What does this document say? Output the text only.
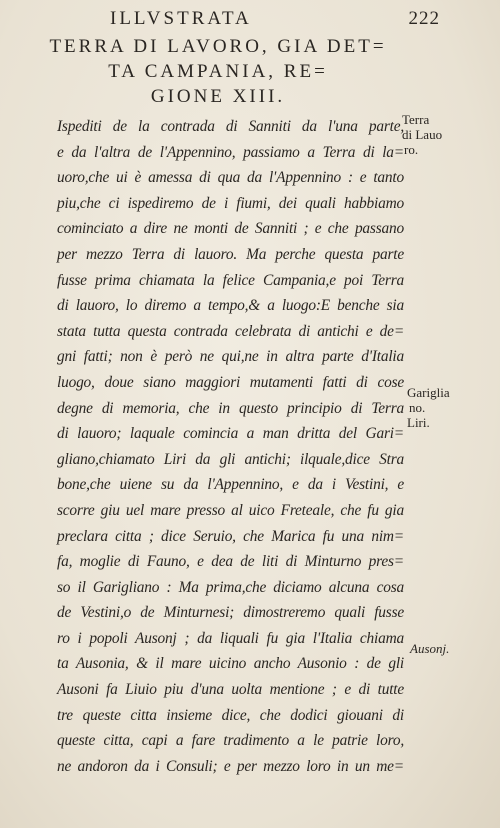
ILLVSTRATA	222
TERRA DI LAVORO, GIA DET=
TA CAMPANIA, RE=
GIONE XIII.
Ispediti de la contrada di Sanniti da l'una parte,
e da l'altra de l'Appennino, passiamo a Terra di la=
uoro,che ui è amessa di qua da l'Appennino : e tanto
piu,che ci ispediremo de i fiumi, dei quali habbiamo
cominciato a dire ne monti de Sanniti ; e che passano
per mezzo Terra di lauoro. Ma perche questa parte
fusse prima chiamata la felice Campania,e poi Terra
di lauoro, lo diremo a tempo,& a luogo:E benche sia
stata tutta questa contrada celebrata di antichi e de=
gni fatti; non è però ne qui,ne in altra parte d'Italia
luogo, doue siano maggiori mutamenti fatti di cose
degne di memoria, che in questo principio di Terra
di lauoro; laquale comincia a man dritta del Gari=
gliano,chiamato Liri da gli antichi; ilquale,dice Stra
bone,che uiene su da l'Appennino, e da i Vestini, e
scorre giu uel mare presso al uico Freteale, che fu gia
preclara citta ; dice Seruio, che Marica fu una nim=
fa, moglie di Fauno, e dea de liti di Minturno pres=
so il Garigliano : Ma prima,che diciamo alcuna cosa
de Vestini,o de Minturnesi; dimostreremo quali fusse
ro i popoli Ausonj ; da liquali fu gia l'Italia chiama
ta Ausonia, & il mare uicino ancho Ausonio : de gli
Ausoni fa Liuio piu d'una uolta mentione ; e di tutte
tre queste citta insieme dice, che dodici giouani di
queste citta, capi a fare tradimento a le patrie loro,
ne andoron da i Consuli; e per mezzo loro in un me=
Terra
di Lauo
ro.
Gariglia
no.
Liri.
Ausonj.
